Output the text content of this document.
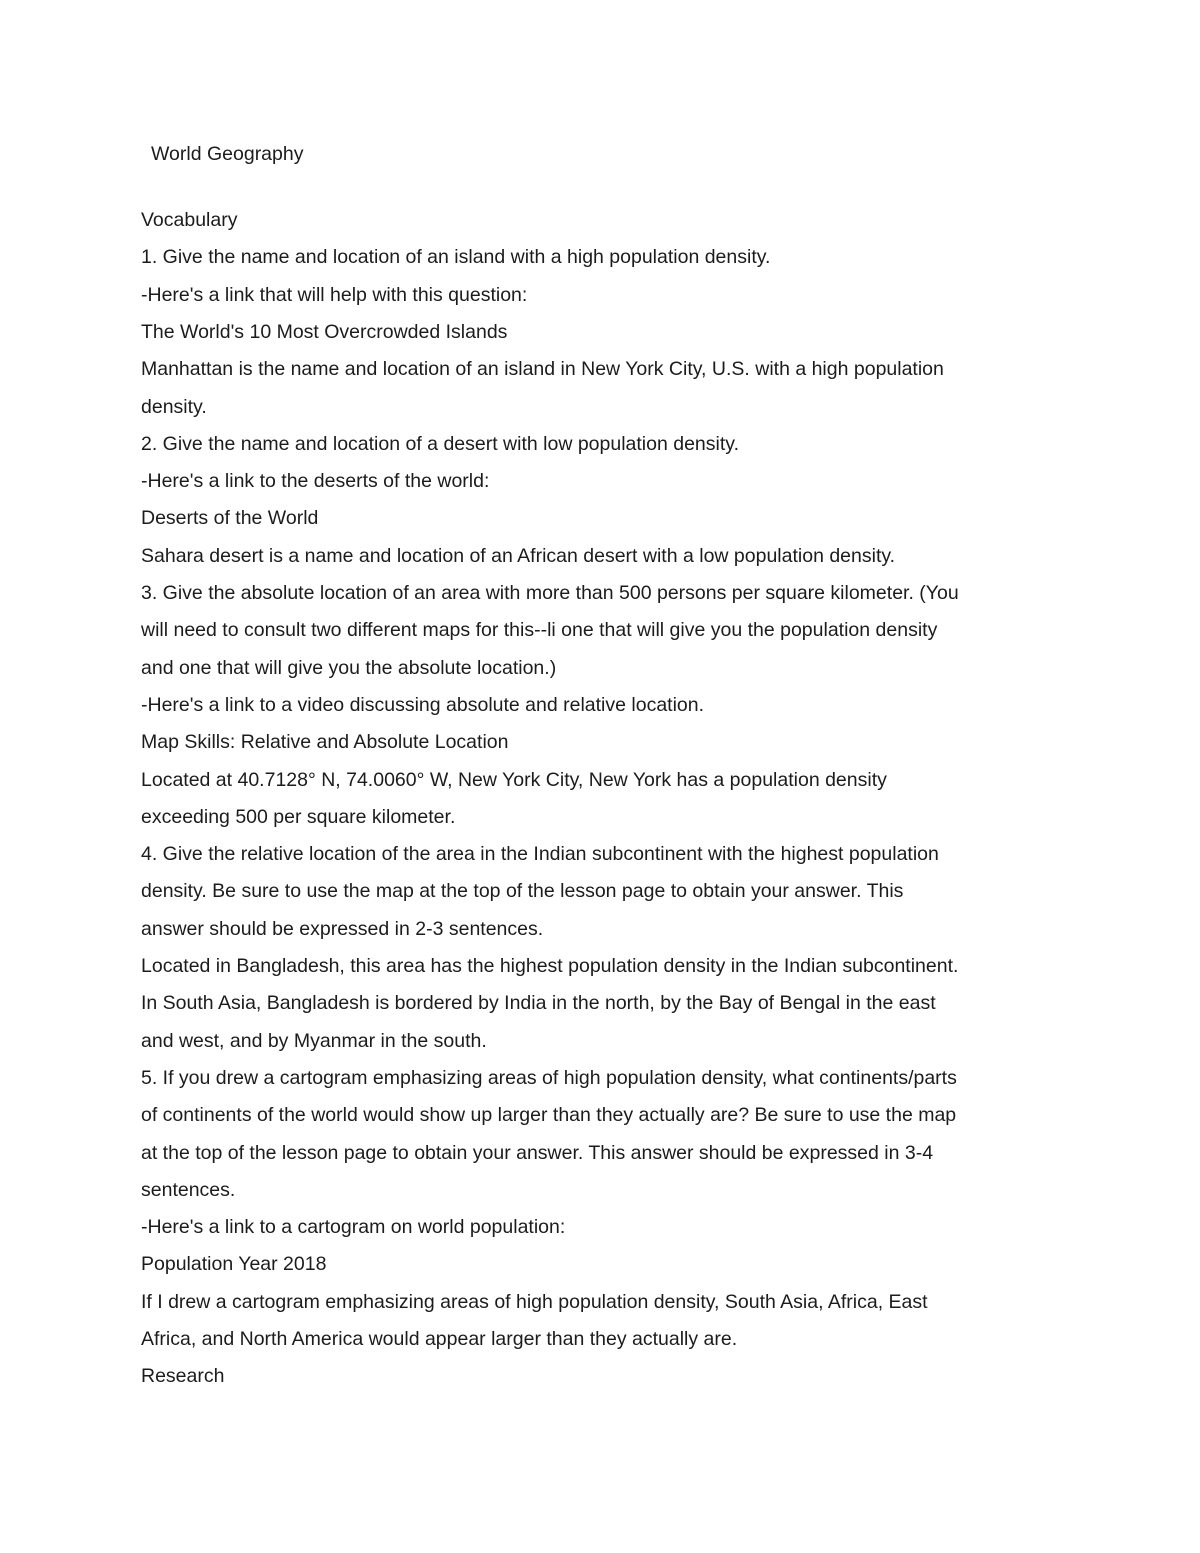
World Geography
Vocabulary
1. Give the name and location of an island with a high population density.
-Here's a link that will help with this question:
The World's 10 Most Overcrowded Islands
Manhattan is the name and location of an island in New York City, U.S. with a high population
density.
2. Give the name and location of a desert with low population density.
-Here's a link to the deserts of the world:
Deserts of the World
Sahara desert is a name and location of an African desert with a low population density.
3. Give the absolute location of an area with more than 500 persons per square kilometer. (You
will need to consult two different maps for this--li one that will give you the population density
and one that will give you the absolute location.)
-Here's a link to a video discussing absolute and relative location.
Map Skills: Relative and Absolute Location
Located at 40.7128° N, 74.0060° W, New York City, New York has a population density
exceeding 500 per square kilometer.
4. Give the relative location of the area in the Indian subcontinent with the highest population
density. Be sure to use the map at the top of the lesson page to obtain your answer. This
answer should be expressed in 2-3 sentences.
Located in Bangladesh, this area has the highest population density in the Indian subcontinent.
In South Asia, Bangladesh is bordered by India in the north, by the Bay of Bengal in the east
and west, and by Myanmar in the south.
5. If you drew a cartogram emphasizing areas of high population density, what continents/parts
of continents of the world would show up larger than they actually are? Be sure to use the map
at the top of the lesson page to obtain your answer. This answer should be expressed in 3-4
sentences.
-Here's a link to a cartogram on world population:
Population Year 2018
If I drew a cartogram emphasizing areas of high population density, South Asia, Africa, East
Africa, and North America would appear larger than they actually are.
Research
